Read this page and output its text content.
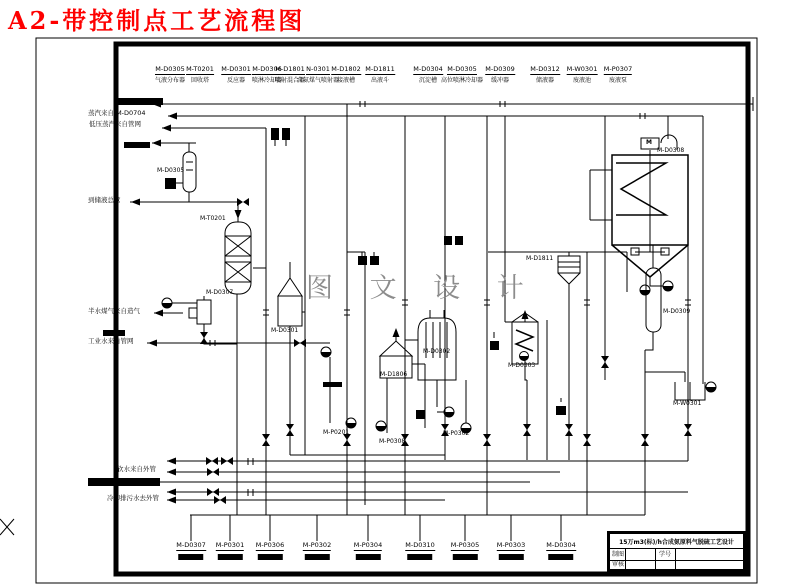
A2-带控制点工艺流程图
图 文 设 计
M-D0305
气液分布器
M-T0201
回收塔
M-D0301
反应器
M-D0306
喷淋冷却器
M-D1801
喷射混合器
N-0301
含氨煤气喷射器
M-D1802
接液槽
M-D1811
出液斗
M-D0304
沉淀槽
M-D0305
高位喷淋冷却器
M-D0309
缓冲器
M-D0312
储液器
M-W0301
废液池
M-P0307
废液泵
M-D0307 M-P0301 M-P0306	M-P0302	M-P0304	M-D0310 M-P0305	M-P0303	M-D0304
蒸汽来自 M-D0704
低压蒸汽来自管网
到储液总管
半水煤气来自造气
工业水来自管网
软水来自外管
冷却排污水去外管
M-D0305
M-T0201
M-D0307
M-D0301
M-P0201
M-P0308
M-D1806
M-D0302
M-P0302
M-D0303
M-D1811
M-D0308
M-D0309
M-W0301
M
15万m3(标)/h合成氨原料气脱硫工艺设计
制图
审核
学号
